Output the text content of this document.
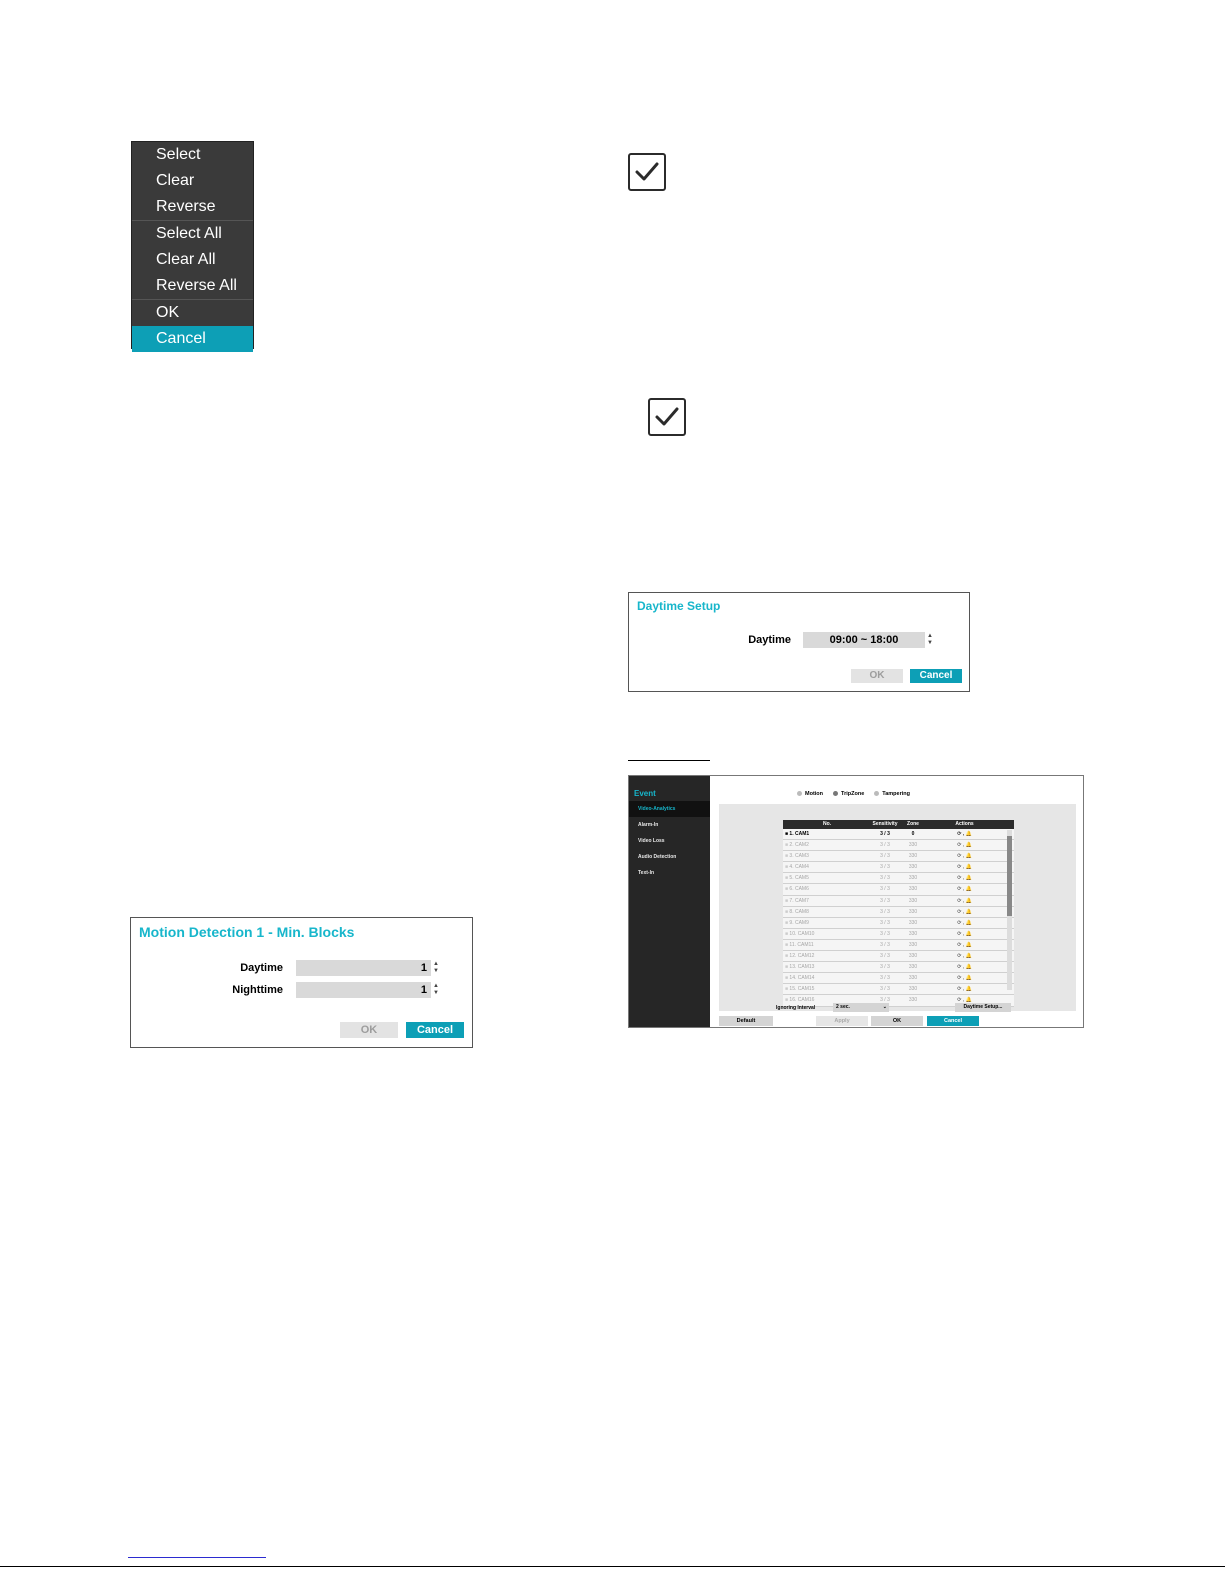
Select
Clear
Reverse
Select All
Clear All
Reverse All
OK
Cancel
Motion Detection 1 - Min. Blocks
Daytime	1	▲
▼
Nighttime	1	▲
▼
OK	Cancel
Daytime Setup
Daytime	09:00 ~ 18:00	▲
▼
OK	Cancel
Event
Video-Analytics
Alarm-In
Video Loss
Audio Detection
Text-In
Motion	TripZone	Tampering
No.	Sensitivity	Zone	Actions
■ 1. CAM1	3 / 3	0	⟳ , 🔔
■ 2. CAM2	3 / 3	330	⟳ , 🔔
■ 3. CAM3	3 / 3	330	⟳ , 🔔
■ 4. CAM4	3 / 3	330	⟳ , 🔔
■ 5. CAM5	3 / 3	330	⟳ , 🔔
■ 6. CAM6	3 / 3	330	⟳ , 🔔
■ 7. CAM7	3 / 3	330	⟳ , 🔔
■ 8. CAM8	3 / 3	330	⟳ , 🔔
■ 9. CAM9	3 / 3	330	⟳ , 🔔
■ 10. CAM10	3 / 3	330	⟳ , 🔔
■ 11. CAM11	3 / 3	330	⟳ , 🔔
■ 12. CAM12	3 / 3	330	⟳ , 🔔
■ 13. CAM13	3 / 3	330	⟳ , 🔔
■ 14. CAM14	3 / 3	330	⟳ , 🔔
■ 15. CAM15	3 / 3	330	⟳ , 🔔
■ 16. CAM16	3 / 3	330	⟳ , 🔔
Ignoring Interval	2 sec.	⌄	Daytime Setup...
Default	Apply	OK	Cancel
